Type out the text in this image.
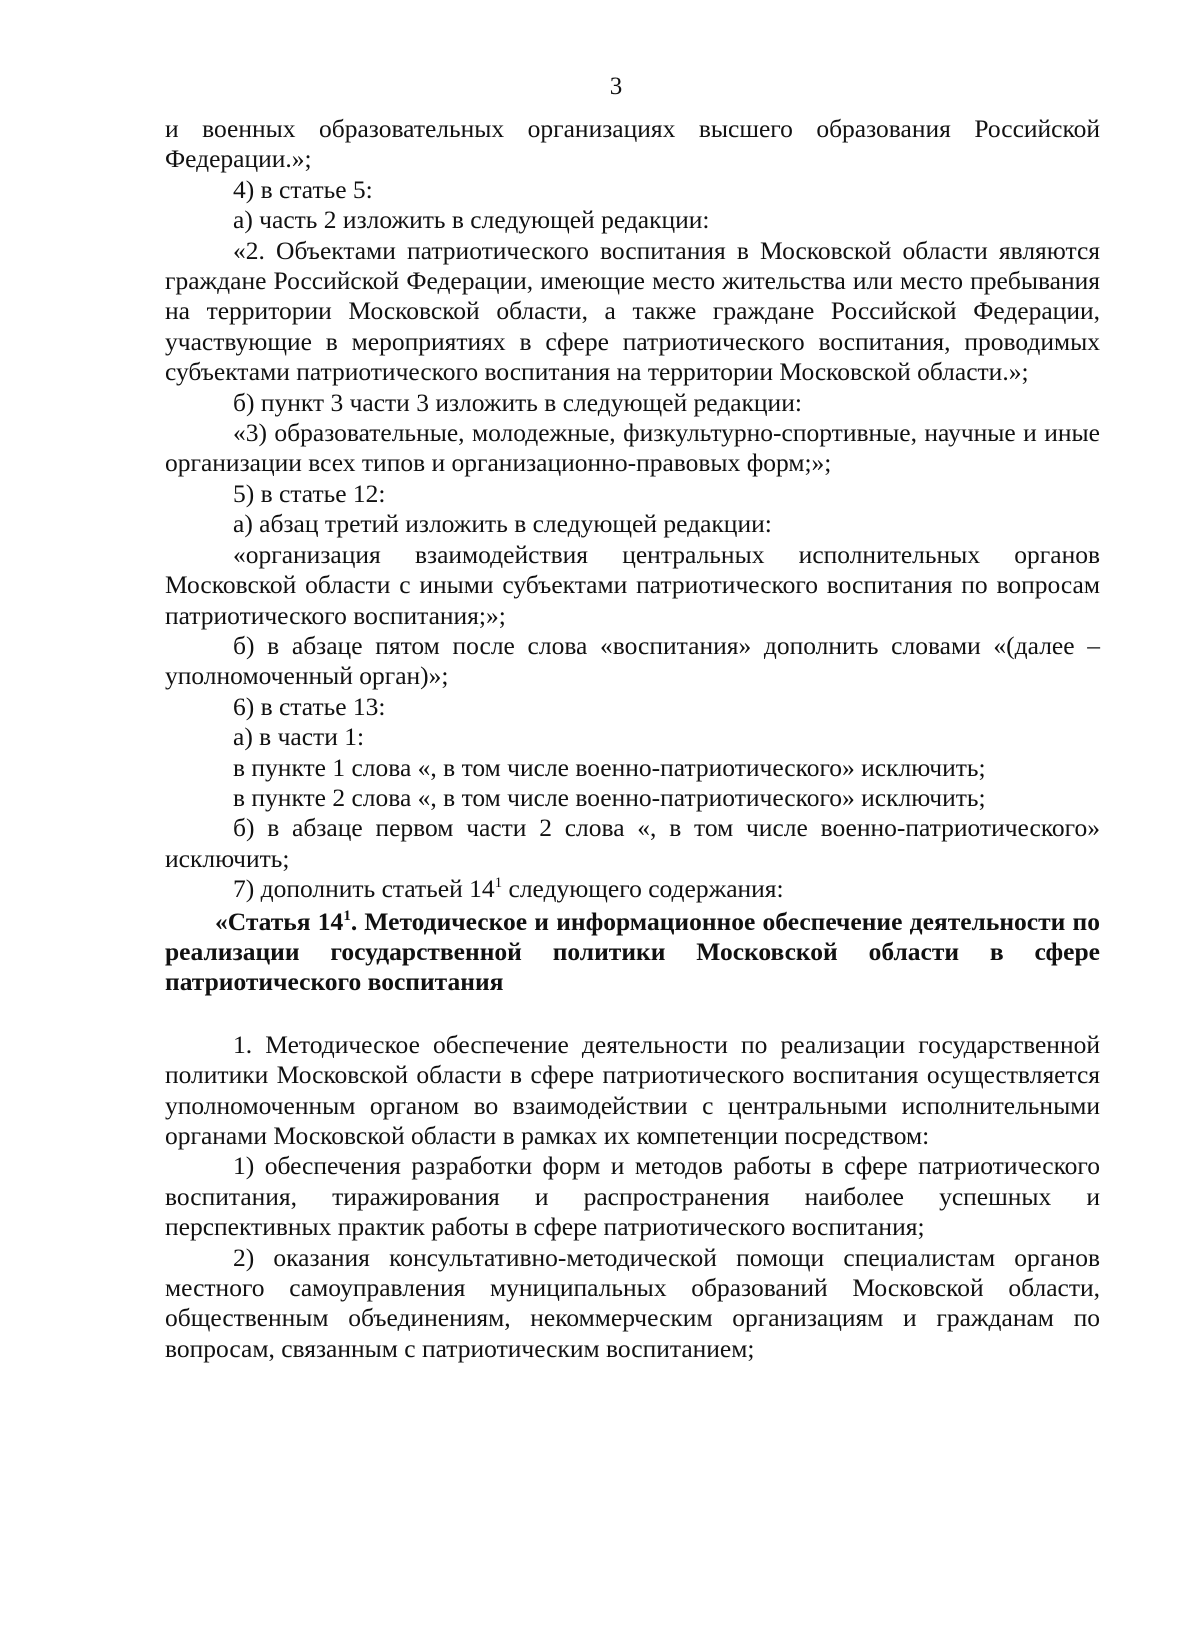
3

и военных образовательных организациях высшего образования Российской Федерации.»;

4) в статье 5:

а) часть 2 изложить в следующей редакции:

«2. Объектами патриотического воспитания в Московской области являются граждане Российской Федерации, имеющие место жительства или место пребывания на территории Московской области, а также граждане Российской Федерации, участвующие в мероприятиях в сфере патриотического воспитания, проводимых субъектами патриотического воспитания на территории Московской области.»;

б) пункт 3 части 3 изложить в следующей редакции:

«3) образовательные, молодежные, физкультурно-спортивные, научные и иные организации всех типов и организационно-правовых форм;»;

5) в статье 12:

а) абзац третий изложить в следующей редакции:

«организация взаимодействия центральных исполнительных органов Московской области с иными субъектами патриотического воспитания по вопросам патриотического воспитания;»;

б) в абзаце пятом после слова «воспитания» дополнить словами «(далее – уполномоченный орган)»;

6) в статье 13:

а) в части 1:

в пункте 1 слова «, в том числе военно-патриотического» исключить;

в пункте 2 слова «, в том числе военно-патриотического» исключить;

б) в абзаце первом части 2 слова «, в том числе военно-патриотического» исключить;

7) дополнить статьей $14^1$ следующего содержания:

«Статья $14^1$. Методическое и информационное обеспечение деятельности по реализации государственной политики Московской области в сфере патриотического воспитания

1. Методическое обеспечение деятельности по реализации государственной политики Московской области в сфере патриотического воспитания осуществляется уполномоченным органом во взаимодействии с центральными исполнительными органами Московской области в рамках их компетенции посредством:

1) обеспечения разработки форм и методов работы в сфере патриотического воспитания, тиражирования и распространения наиболее успешных и перспективных практик работы в сфере патриотического воспитания;

2) оказания консультативно-методической помощи специалистам органов местного самоуправления муниципальных образований Московской области, общественным объединениям, некоммерческим организациям и гражданам по вопросам, связанным с патриотическим воспитанием;
